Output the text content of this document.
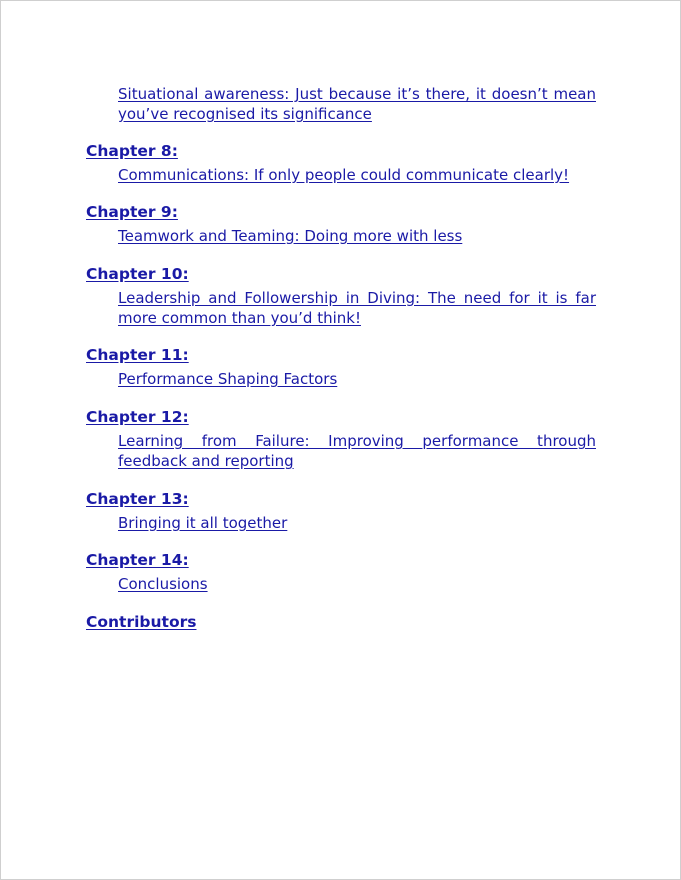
Situational awareness: Just because it’s there, it doesn’t mean you’ve recognised its significance
Chapter 8:
Communications: If only people could communicate clearly!
Chapter 9:
Teamwork and Teaming: Doing more with less
Chapter 10:
Leadership and Followership in Diving: The need for it is far more common than you’d think!
Chapter 11:
Performance Shaping Factors
Chapter 12:
Learning from Failure: Improving performance through feedback and reporting
Chapter 13:
Bringing it all together
Chapter 14:
Conclusions
Contributors
